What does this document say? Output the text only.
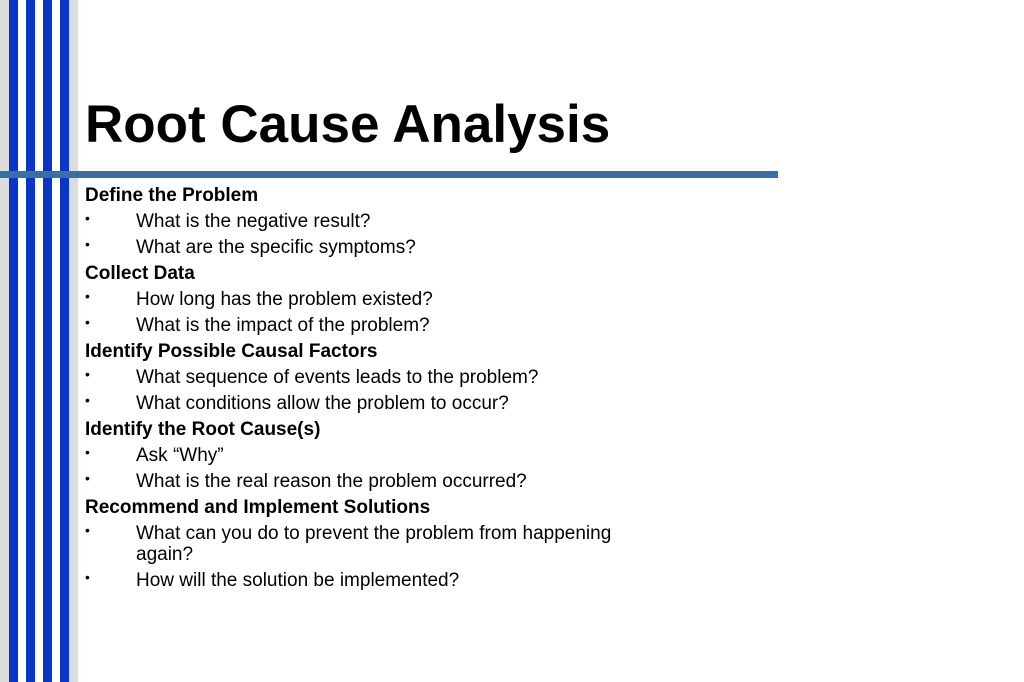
Root Cause Analysis
Define the Problem
• What is the negative result?
• What are the specific symptoms?
Collect Data
• How long has the problem existed?
• What is the impact of the problem?
Identify Possible Causal Factors
• What sequence of events leads to the problem?
• What conditions allow the problem to occur?
Identify the Root Cause(s)
• Ask “Why”
• What is the real reason the problem occurred?
Recommend and Implement Solutions
• What can you do to prevent the problem from happening again?
• How will the solution be implemented?
